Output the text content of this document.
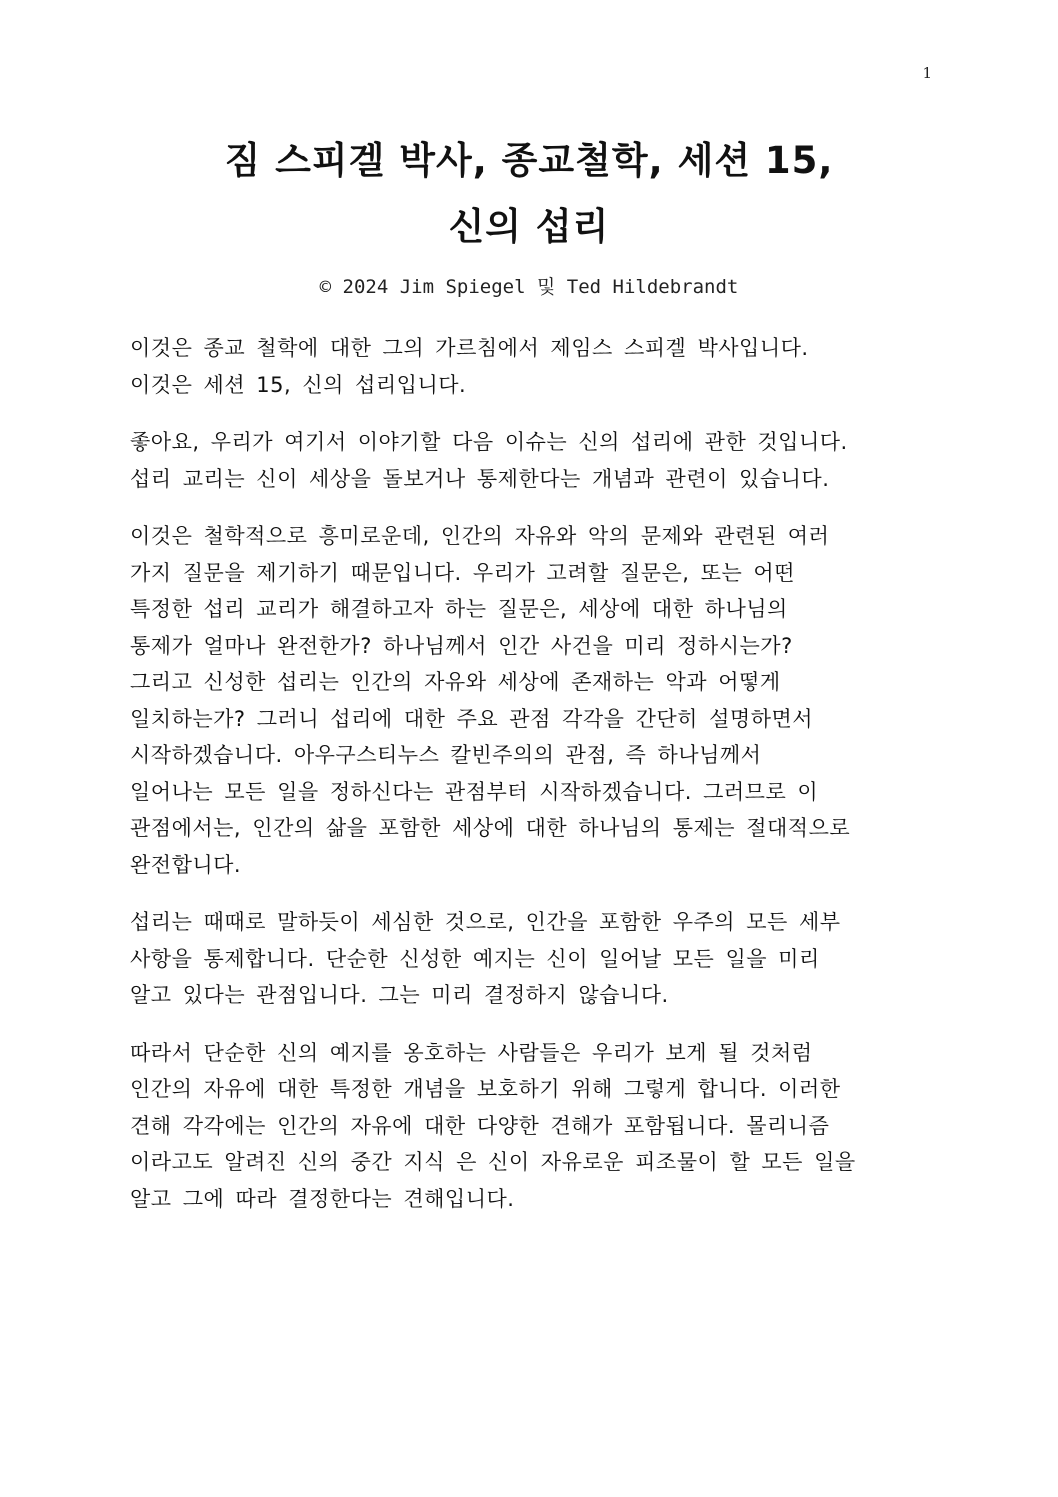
1
짐 스피겔 박사, 종교철학, 세션 15,
신의 섭리
© 2024 Jim Spiegel 및 Ted Hildebrandt
이것은 종교 철학에 대한 그의 가르침에서 제임스 스피겔 박사입니다.
이것은 세션 15, 신의 섭리입니다.
좋아요, 우리가 여기서 이야기할 다음 이슈는 신의 섭리에 관한 것입니다.
섭리 교리는 신이 세상을 돌보거나 통제한다는 개념과 관련이 있습니다.
이것은 철학적으로 흥미로운데, 인간의 자유와 악의 문제와 관련된 여러
가지 질문을 제기하기 때문입니다. 우리가 고려할 질문은, 또는 어떤
특정한 섭리 교리가 해결하고자 하는 질문은, 세상에 대한 하나님의
통제가 얼마나 완전한가? 하나님께서 인간 사건을 미리 정하시는가?
그리고 신성한 섭리는 인간의 자유와 세상에 존재하는 악과 어떻게
일치하는가? 그러니 섭리에 대한 주요 관점 각각을 간단히 설명하면서
시작하겠습니다. 아우구스티누스 칼빈주의의 관점, 즉 하나님께서
일어나는 모든 일을 정하신다는 관점부터 시작하겠습니다. 그러므로 이
관점에서는, 인간의 삶을 포함한 세상에 대한 하나님의 통제는 절대적으로
완전합니다.
섭리는 때때로 말하듯이 세심한 것으로, 인간을 포함한 우주의 모든 세부
사항을 통제합니다. 단순한 신성한 예지는 신이 일어날 모든 일을 미리
알고 있다는 관점입니다. 그는 미리 결정하지 않습니다.
따라서 단순한 신의 예지를 옹호하는 사람들은 우리가 보게 될 것처럼
인간의 자유에 대한 특정한 개념을 보호하기 위해 그렇게 합니다. 이러한
견해 각각에는 인간의 자유에 대한 다양한 견해가 포함됩니다. 몰리니즘
이라고도 알려진 신의 중간 지식 은 신이 자유로운 피조물이 할 모든 일을
알고 그에 따라 결정한다는 견해입니다.
